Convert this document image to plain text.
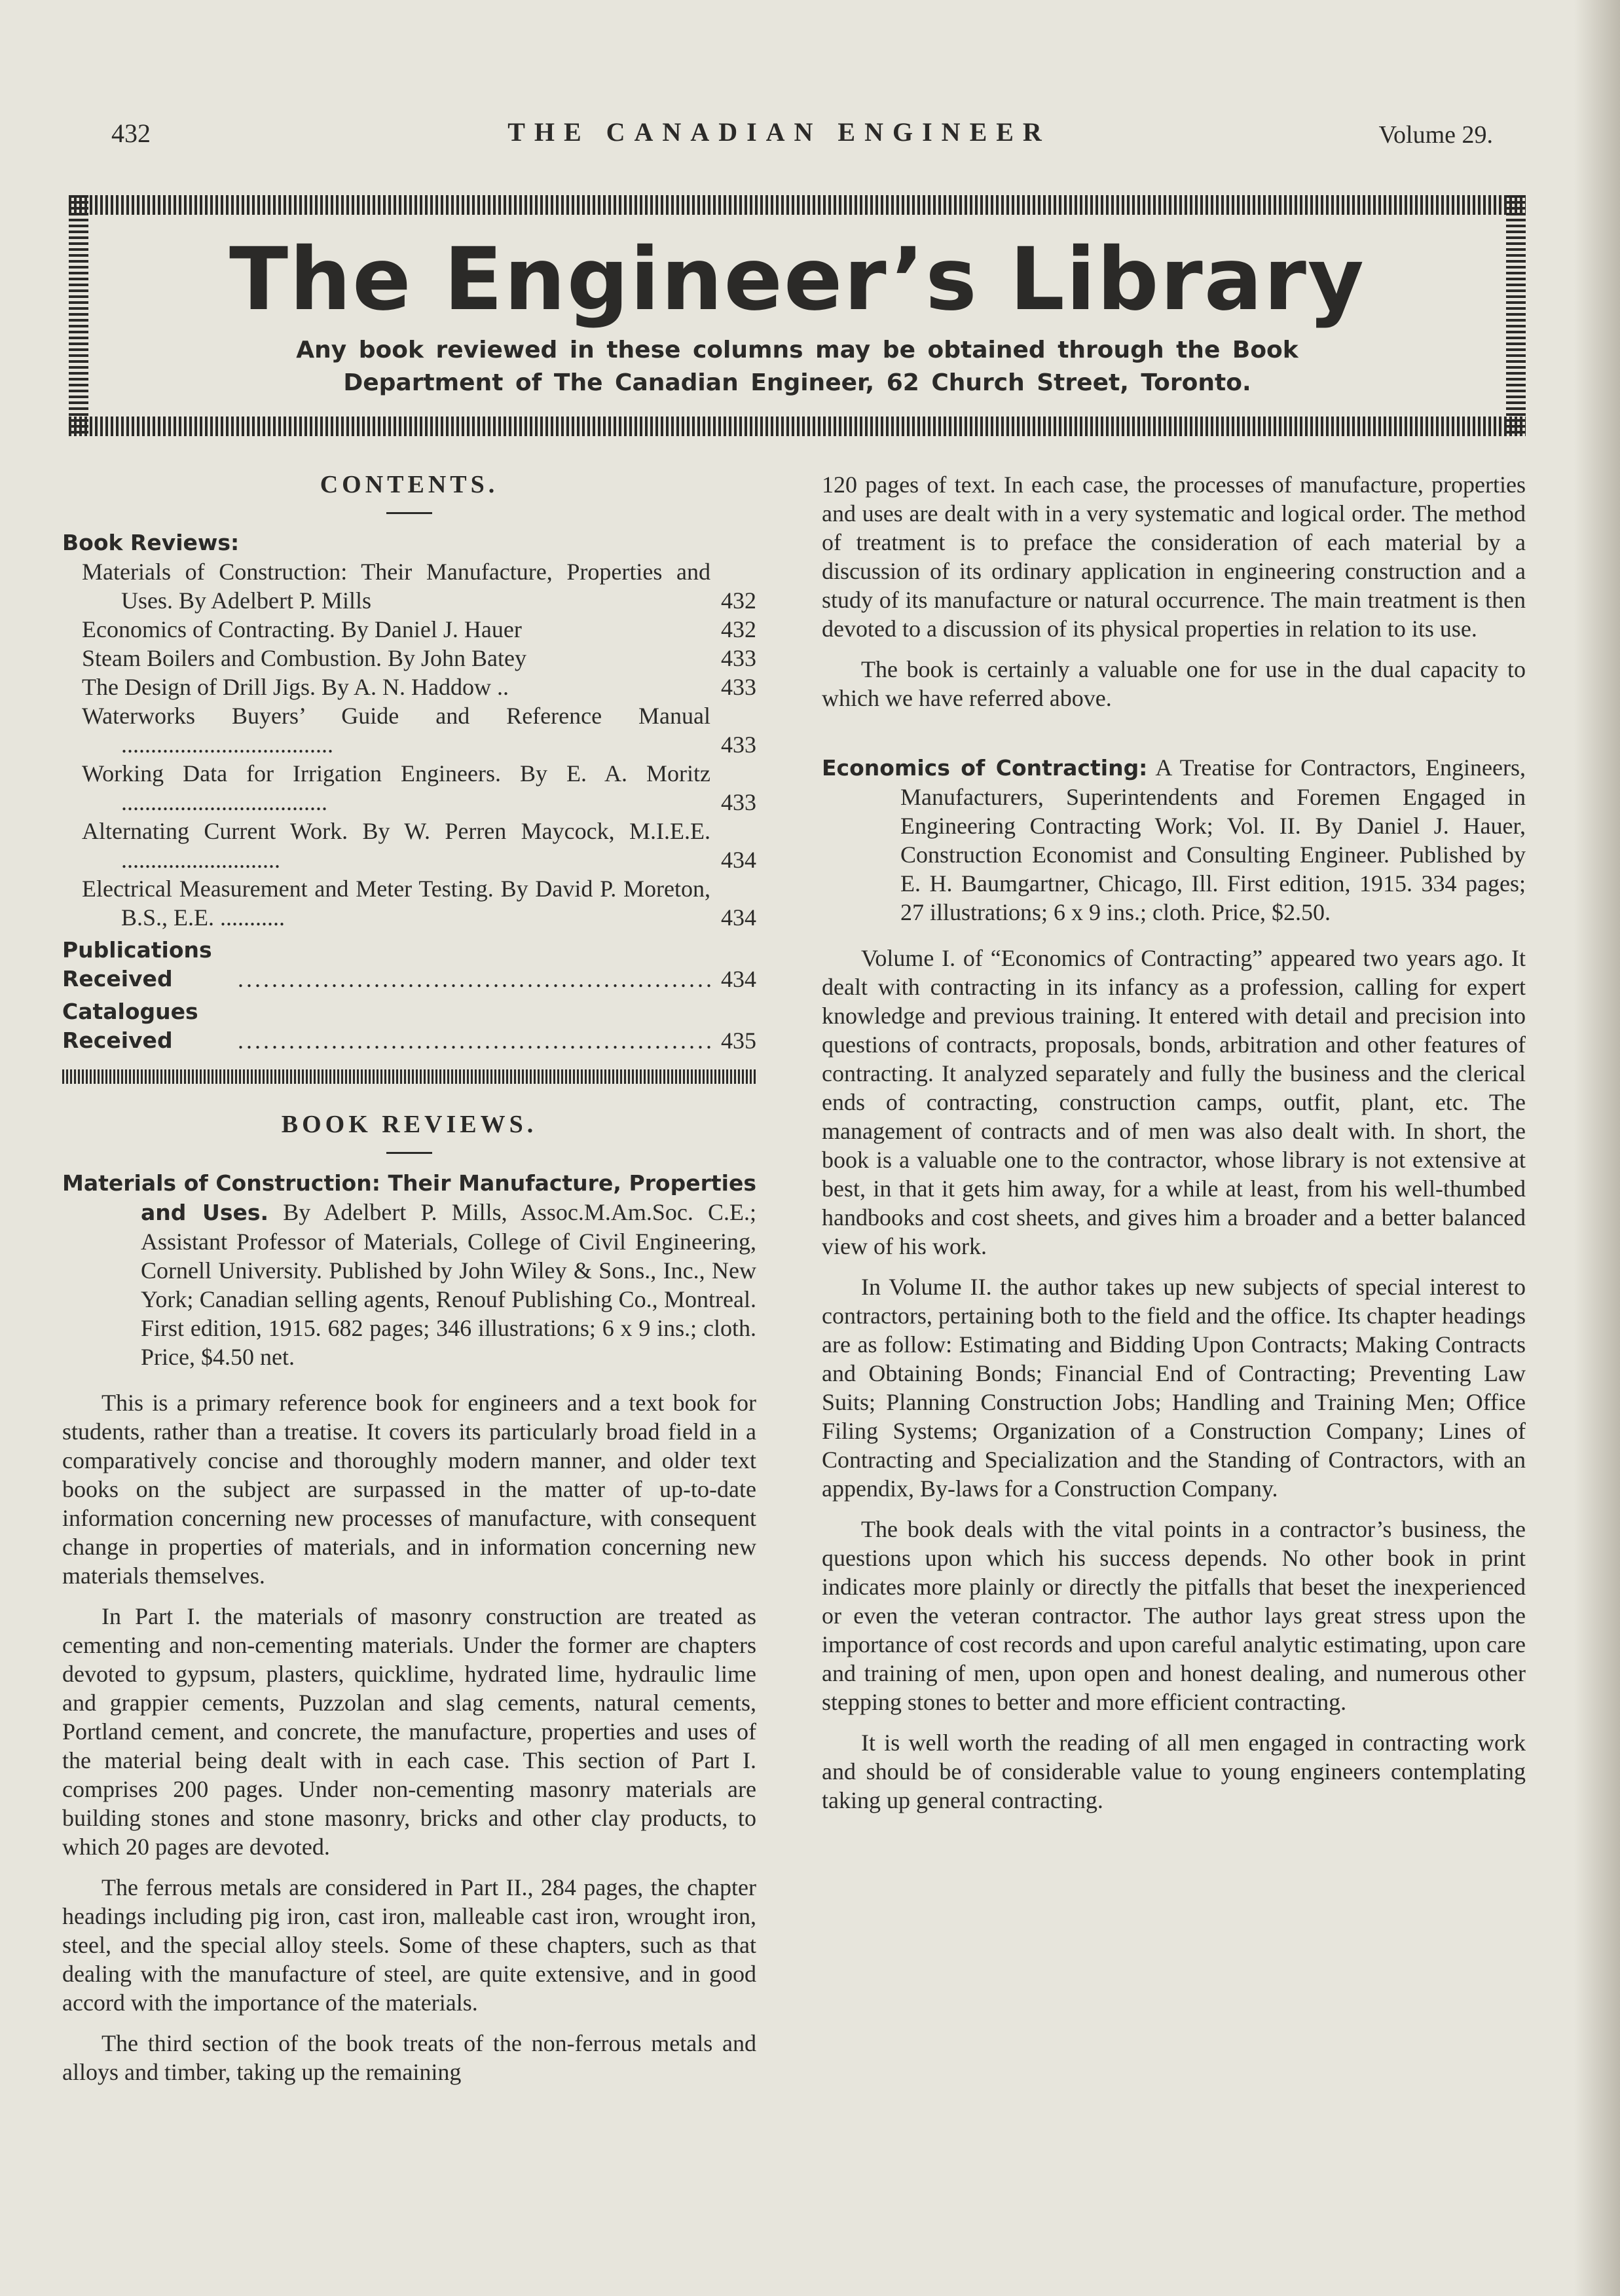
432	THE CANADIAN ENGINEER	Volume 29.
The Engineer’s Library
Any book reviewed in these columns may be obtained through the Book Department of The Canadian Engineer, 62 Church Street, Toronto.
CONTENTS.
Book Reviews:
Materials of Construction: Their Manufacture, Properties and Uses. By Adelbert P. Mills	432
Economics of Contracting. By Daniel J. Hauer	432
Steam Boilers and Combustion. By John Batey	433
The Design of Drill Jigs. By A. N. Haddow ..	433
Waterworks Buyers’ Guide and Reference Manual ....................................	433
Working Data for Irrigation Engineers. By E. A. Moritz ...................................	433
Alternating Current Work. By W. Perren Maycock, M.I.E.E. ...........................	434
Electrical Measurement and Meter Testing. By David P. Moreton, B.S., E.E. ...........	434
Publications Received	........................................................ 434
Catalogues Received	........................................................ 435
BOOK REVIEWS.
Materials of Construction: Their Manufacture, Properties and Uses. By Adelbert P. Mills, Assoc.M.Am.Soc. C.E.; Assistant Professor of Materials, College of Civil Engineering, Cornell University. Published by John Wiley & Sons., Inc., New York; Canadian selling agents, Renouf Publishing Co., Montreal. First edition, 1915. 682 pages; 346 illustrations; 6 x 9 ins.; cloth. Price, $4.50 net.

This is a primary reference book for engineers and a text book for students, rather than a treatise. It covers its particularly broad field in a comparatively concise and thoroughly modern manner, and older text books on the subject are surpassed in the matter of up-to-date information concerning new processes of manufacture, with consequent change in properties of materials, and in information concerning new materials themselves.

In Part I. the materials of masonry construction are treated as cementing and non-cementing materials. Under the former are chapters devoted to gypsum, plasters, quicklime, hydrated lime, hydraulic lime and grappier cements, Puzzolan and slag cements, natural cements, Portland cement, and concrete, the manufacture, properties and uses of the material being dealt with in each case. This section of Part I. comprises 200 pages. Under non-cementing masonry materials are building stones and stone masonry, bricks and other clay products, to which 20 pages are devoted.

The ferrous metals are considered in Part II., 284 pages, the chapter headings including pig iron, cast iron, malleable cast iron, wrought iron, steel, and the special alloy steels. Some of these chapters, such as that dealing with the manufacture of steel, are quite extensive, and in good accord with the importance of the materials.

The third section of the book treats of the non-ferrous metals and alloys and timber, taking up the remaining

120 pages of text. In each case, the processes of manufacture, properties and uses are dealt with in a very systematic and logical order. The method of treatment is to preface the consideration of each material by a discussion of its ordinary application in engineering construction and a study of its manufacture or natural occurrence. The main treatment is then devoted to a discussion of its physical properties in relation to its use.

The book is certainly a valuable one for use in the dual capacity to which we have referred above.

Economics of Contracting: A Treatise for Contractors, Engineers, Manufacturers, Superintendents and Foremen Engaged in Engineering Contracting Work; Vol. II. By Daniel J. Hauer, Construction Economist and Consulting Engineer. Published by E. H. Baumgartner, Chicago, Ill. First edition, 1915. 334 pages; 27 illustrations; 6 x 9 ins.; cloth. Price, $2.50.

Volume I. of “Economics of Contracting” appeared two years ago. It dealt with contracting in its infancy as a profession, calling for expert knowledge and previous training. It entered with detail and precision into questions of contracts, proposals, bonds, arbitration and other features of contracting. It analyzed separately and fully the business and the clerical ends of contracting, construction camps, outfit, plant, etc. The management of contracts and of men was also dealt with. In short, the book is a valuable one to the contractor, whose library is not extensive at best, in that it gets him away, for a while at least, from his well-thumbed handbooks and cost sheets, and gives him a broader and a better balanced view of his work.

In Volume II. the author takes up new subjects of special interest to contractors, pertaining both to the field and the office. Its chapter headings are as follow: Estimating and Bidding Upon Contracts; Making Contracts and Obtaining Bonds; Financial End of Contracting; Preventing Law Suits; Planning Construction Jobs; Handling and Training Men; Office Filing Systems; Organization of a Construction Company; Lines of Contracting and Specialization and the Standing of Contractors, with an appendix, By-laws for a Construction Company.

The book deals with the vital points in a contractor’s business, the questions upon which his success depends. No other book in print indicates more plainly or directly the pitfalls that beset the inexperienced or even the veteran contractor. The author lays great stress upon the importance of cost records and upon careful analytic estimating, upon care and training of men, upon open and honest dealing, and numerous other stepping stones to better and more efficient contracting.

It is well worth the reading of all men engaged in contracting work and should be of considerable value to young engineers contemplating taking up general contracting.
